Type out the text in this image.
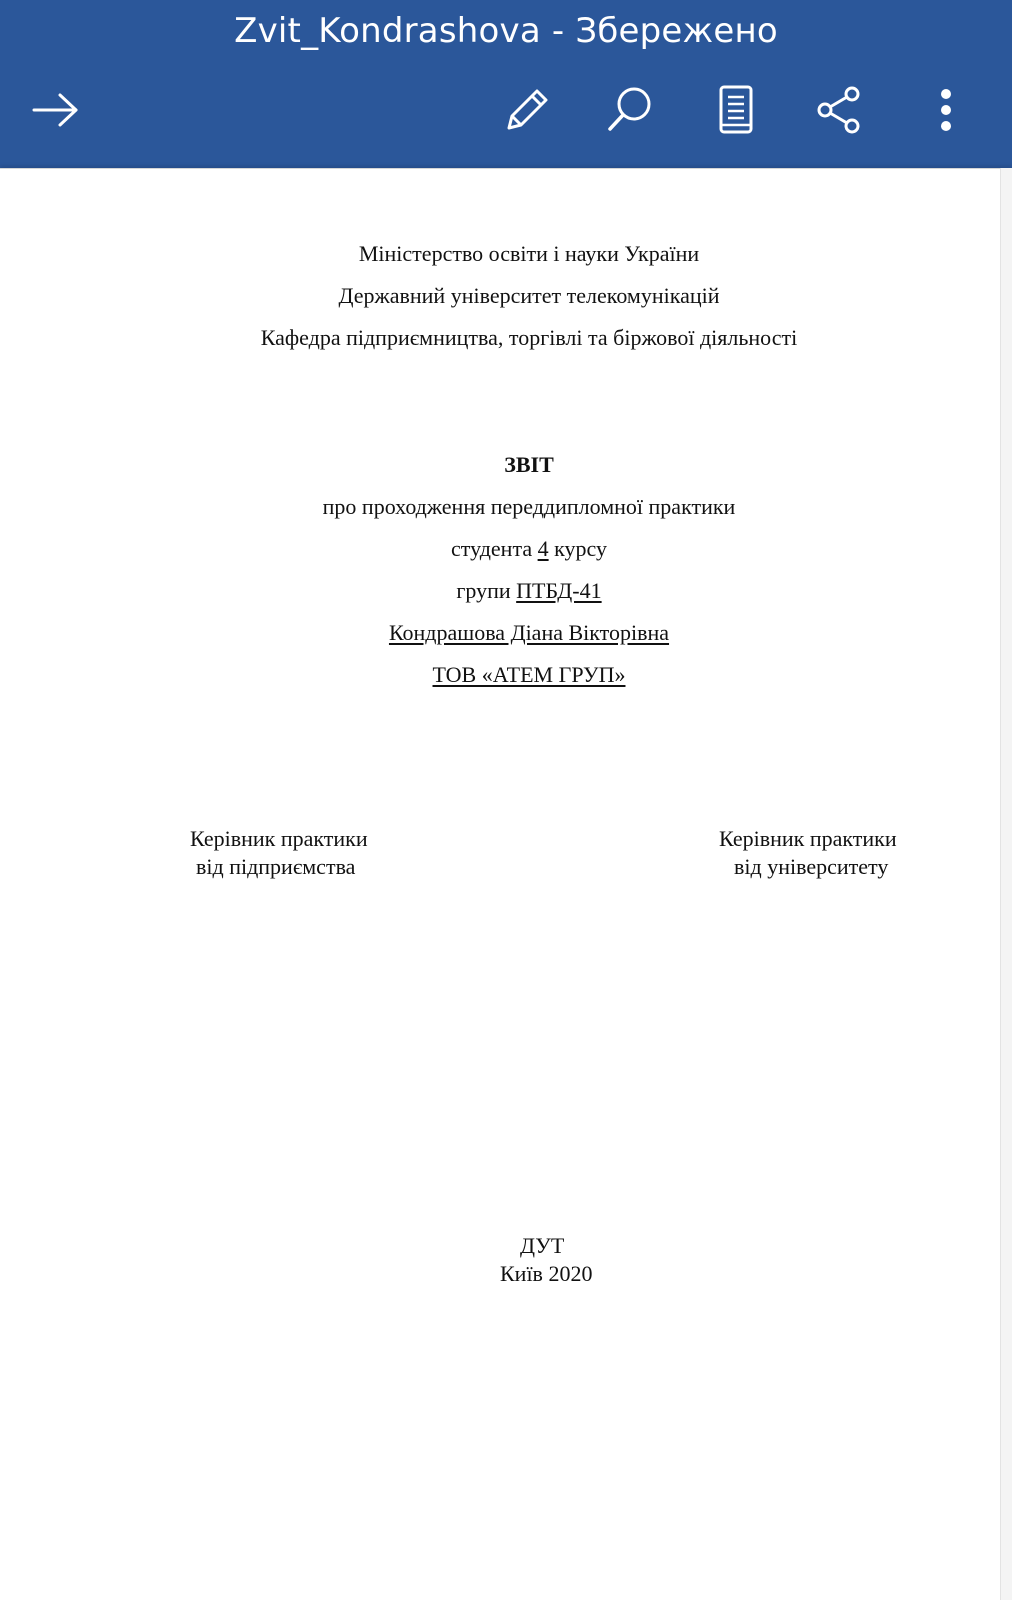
Zvit_Kondrashova - Збережено
Міністерство освіти і науки України
Державний університет телекомунікацій
Кафедра підприємництва, торгівлі та біржової діяльності
ЗВІТ
про проходження переддипломної практики
студента 4 курсу
групи ПТБД-41
Кондрашова Діана Вікторівна
ТОВ «АТЕМ ГРУП»
Керівник практики
від підприємства
Керівник практики
від університету
ДУТ
Київ 2020
